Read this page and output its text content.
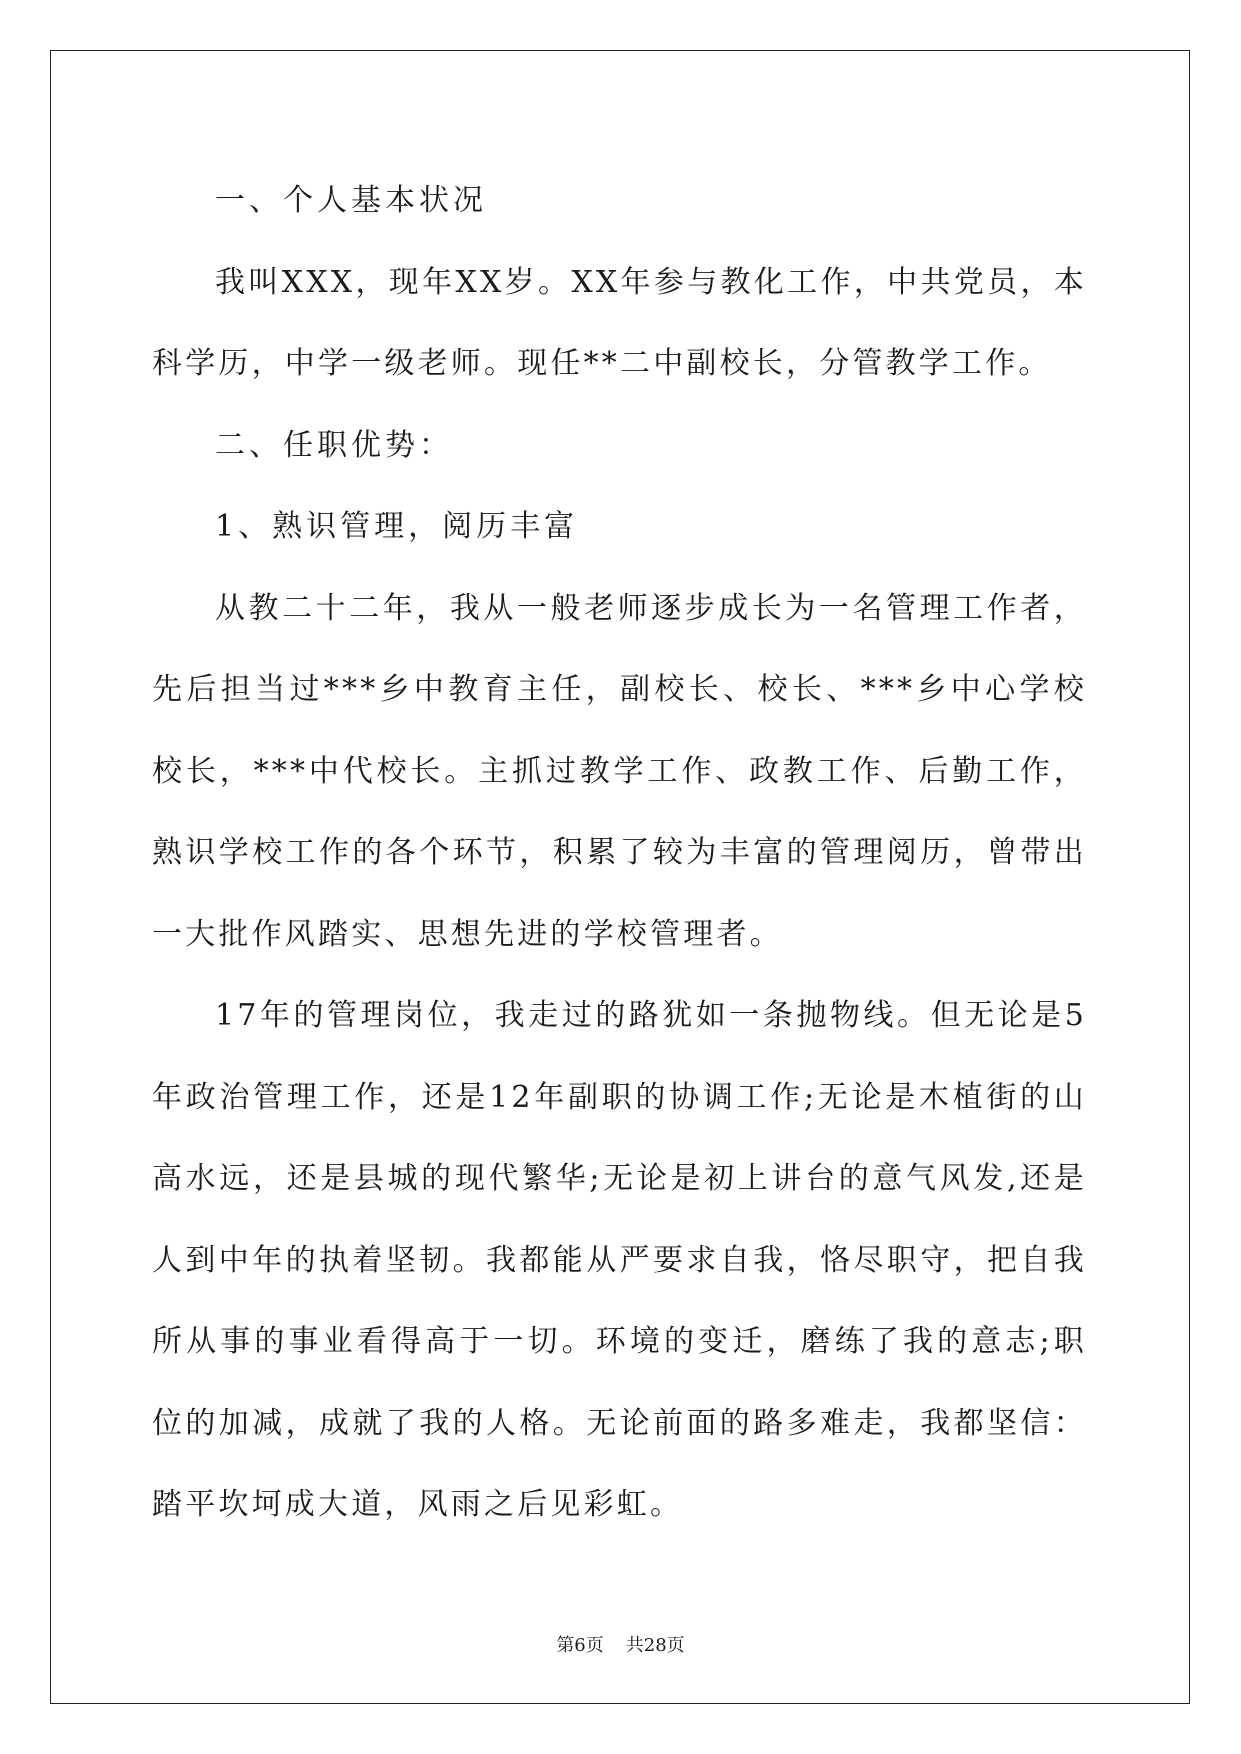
一、个人基本状况

我叫XXX，现年XX岁。XX年参与教化工作，中共党员，本科学历，中学一级老师。现任**二中副校长，分管教学工作。

二、任职优势：

1、熟识管理，阅历丰富

从教二十二年，我从一般老师逐步成长为一名管理工作者，先后担当过***乡中教育主任，副校长、校长、***乡中心学校校长，***中代校长。主抓过教学工作、政教工作、后勤工作，熟识学校工作的各个环节，积累了较为丰富的管理阅历，曾带出一大批作风踏实、思想先进的学校管理者。

17年的管理岗位，我走过的路犹如一条抛物线。但无论是5年政治管理工作，还是12年副职的协调工作;无论是木植街的山高水远，还是县城的现代繁华;无论是初上讲台的意气风发,还是人到中年的执着坚韧。我都能从严要求自我，恪尽职守，把自我所从事的事业看得高于一切。环境的变迁，磨练了我的意志;职位的加减，成就了我的人格。无论前面的路多难走，我都坚信：踏平坎坷成大道，风雨之后见彩虹。

第6页 共28页
